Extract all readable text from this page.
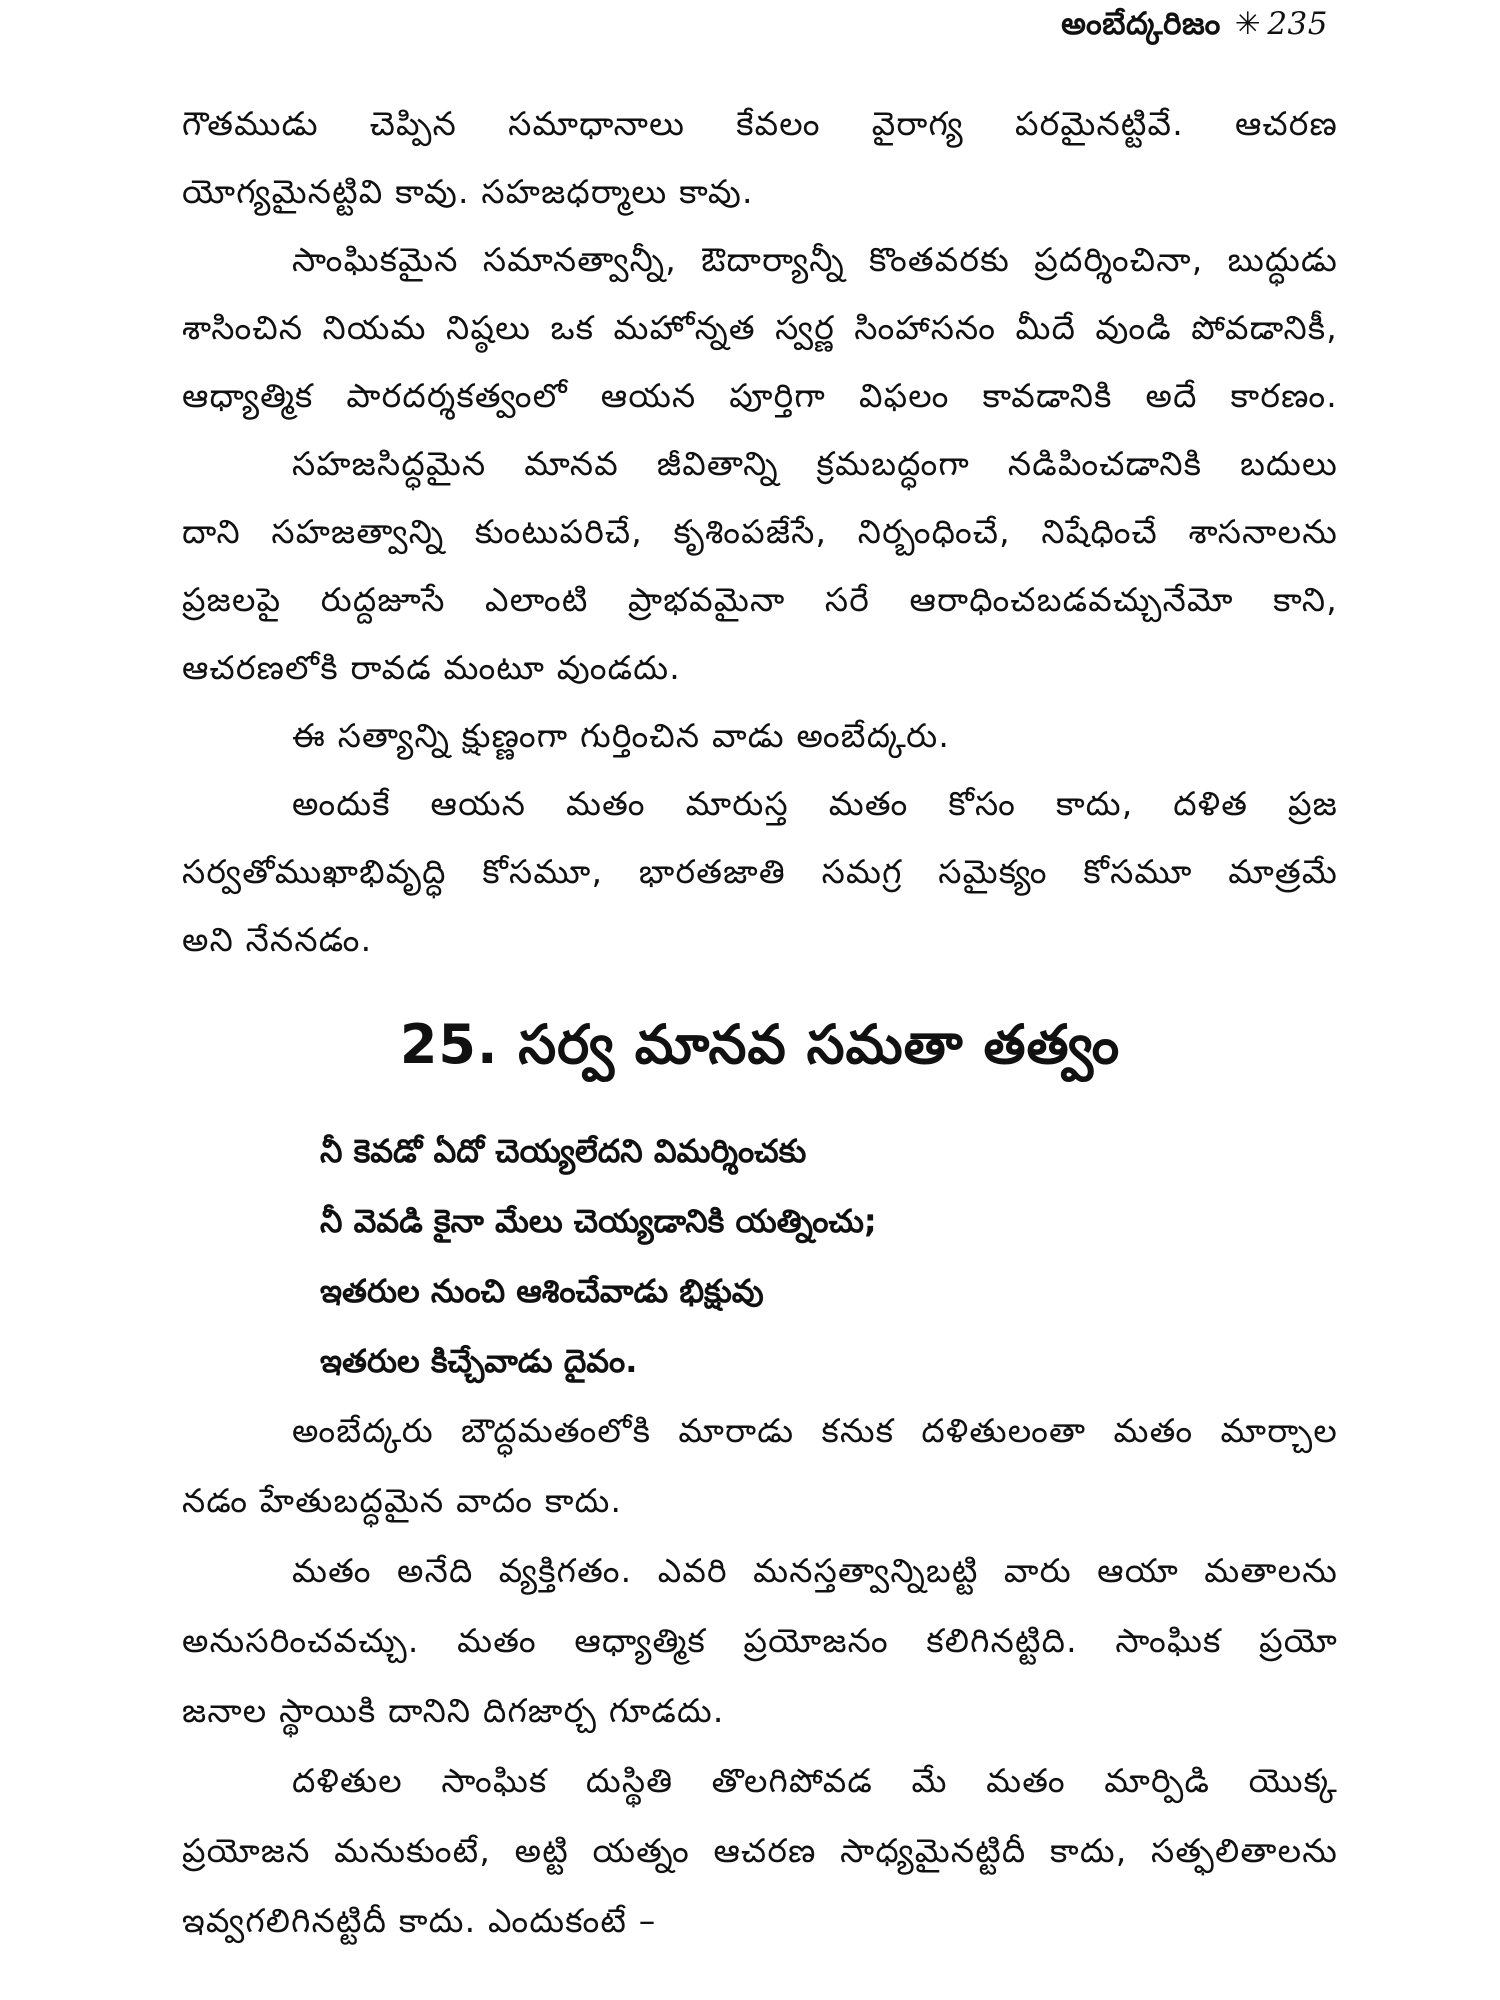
అంబేద్కరిజం ✳ 235
గౌతముడు చెప్పిన సమాధానాలు కేవలం వైరాగ్య పరమైనట్టివే. ఆచరణ
యోగ్యమైనట్టివి కావు. సహజధర్మాలు కావు.
సాంఘికమైన సమానత్వాన్నీ, ఔదార్యాన్నీ కొంతవరకు ప్రదర్శించినా, బుద్ధుడు
శాసించిన నియమ నిష్ఠలు ఒక మహోన్నత స్వర్ణ సింహాసనం మీదే వుండి పోవడానికీ,
ఆధ్యాత్మిక పారదర్శకత్వంలో ఆయన పూర్తిగా విఫలం కావడానికి అదే కారణం.
సహజసిద్ధమైన మానవ జీవితాన్ని క్రమబద్ధంగా నడిపించడానికి బదులు
దాని సహజత్వాన్ని కుంటుపరిచే, కృశింపజేసే, నిర్బంధించే, నిషేధించే శాసనాలను
ప్రజలపై రుద్దజూసే ఎలాంటి ప్రాభవమైనా సరే ఆరాధించబడవచ్చునేమో కాని,
ఆచరణలోకి రావడ మంటూ వుండదు.
ఈ సత్యాన్ని క్షుణ్ణంగా గుర్తించిన వాడు అంబేద్కరు.
అందుకే ఆయన మతం మారుస్త మతం కోసం కాదు, దళిత ప్రజ
సర్వతోముఖాభివృద్ధి కోసమూ, భారతజాతి సమగ్ర సమైక్యం కోసమూ మాత్రమే
అని నేననడం.
25. సర్వ మానవ సమతా తత్వం
నీ కెవడో ఏదో చెయ్యలేదని విమర్శించకు
నీ వెవడి కైనా మేలు చెయ్యడానికి యత్నించు;
ఇతరుల నుంచి ఆశించేవాడు భిక్షువు
ఇతరుల కిచ్చేవాడు దైవం.
అంబేద్కరు బౌద్ధమతంలోకి మారాడు కనుక దళితులంతా మతం మార్చాల
నడం హేతుబద్ధమైన వాదం కాదు.
మతం అనేది వ్యక్తిగతం. ఎవరి మనస్తత్వాన్నిబట్టి వారు ఆయా మతాలను
అనుసరించవచ్చు. మతం ఆధ్యాత్మిక ప్రయోజనం కలిగినట్టిది. సాంఘిక ప్రయో
జనాల స్థాయికి దానిని దిగజార్చ గూడదు.
దళితుల సాంఘిక దుస్థితి తొలగిపోవడ మే మతం మార్పిడి యొక్క
ప్రయోజన మనుకుంటే, అట్టి యత్నం ఆచరణ సాధ్యమైనట్టిదీ కాదు, సత్ఫలితాలను
ఇవ్వగలిగినట్టిదీ కాదు. ఎందుకంటే –
